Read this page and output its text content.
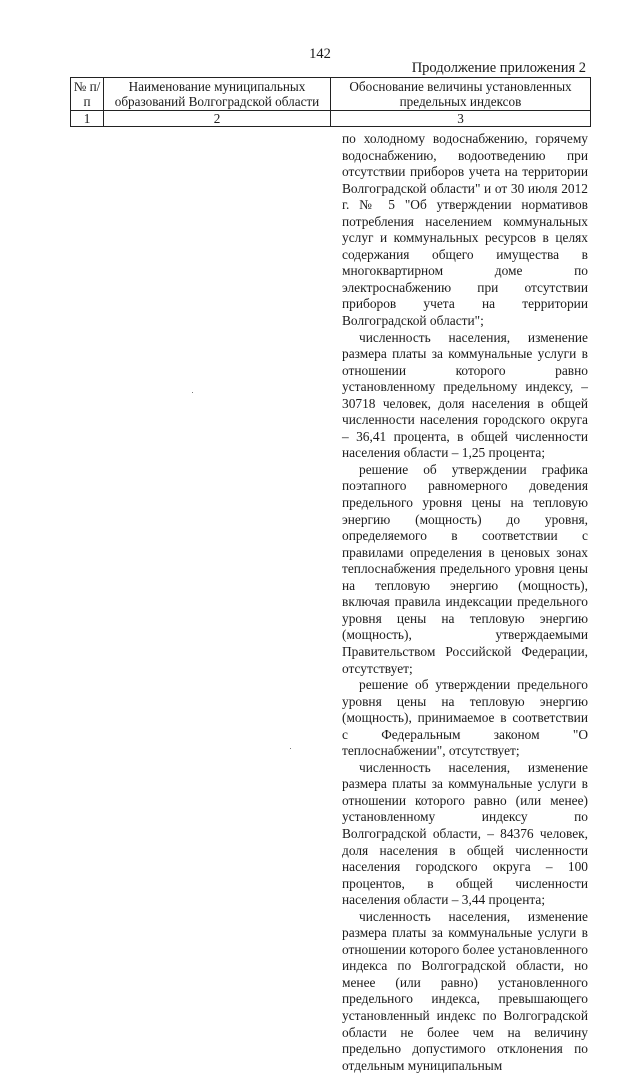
142
Продолжение приложения 2
№ п/п	Наименование муниципальных образований Волгоградской области	Обоснование величины установленных предельных индексов
1	2	3

по холодному водоснабжению, горячему водоснабжению, водоотведению при отсутствии приборов учета на территории Волгоградской области" и от 30 июля 2012 г. № 5 "Об утверждении нормативов потребления населением коммунальных услуг и коммунальных ресурсов в целях содержания общего имущества в многоквартирном доме по электроснабжению при отсутствии приборов учета на территории Волгоградской области";

численность населения, изменение размера платы за коммунальные услуги в отношении которого равно установленному предельному индексу, – 30718 человек, доля населения в общей численности населения городского округа – 36,41 процента, в общей численности населения области – 1,25 процента;

решение об утверждении графика поэтапного равномерного доведения предельного уровня цены на тепловую энергию (мощность) до уровня, определяемого в соответствии с правилами определения в ценовых зонах теплоснабжения предельного уровня цены на тепловую энергию (мощность), включая правила индексации предельного уровня цены на тепловую энергию (мощность), утверждаемыми Правительством Российской Федерации, отсутствует;

решение об утверждении предельного уровня цены на тепловую энергию (мощность), принимаемое в соответствии с Федеральным законом "О теплоснабжении", отсутствует;

численность населения, изменение размера платы за коммунальные услуги в отношении которого равно (или менее) установленному индексу по Волгоградской области, – 84376 человек, доля населения в общей численности населения городского округа – 100 процентов, в общей численности населения области – 3,44 процента;

численность населения, изменение размера платы за коммунальные услуги в отношении которого более установленного индекса по Волгоградской области, но менее (или равно) установленного предельного индекса, превышающего установленный индекс по Волгоградской области не более чем на величину предельно допустимого отклонения по отдельным муниципальным
